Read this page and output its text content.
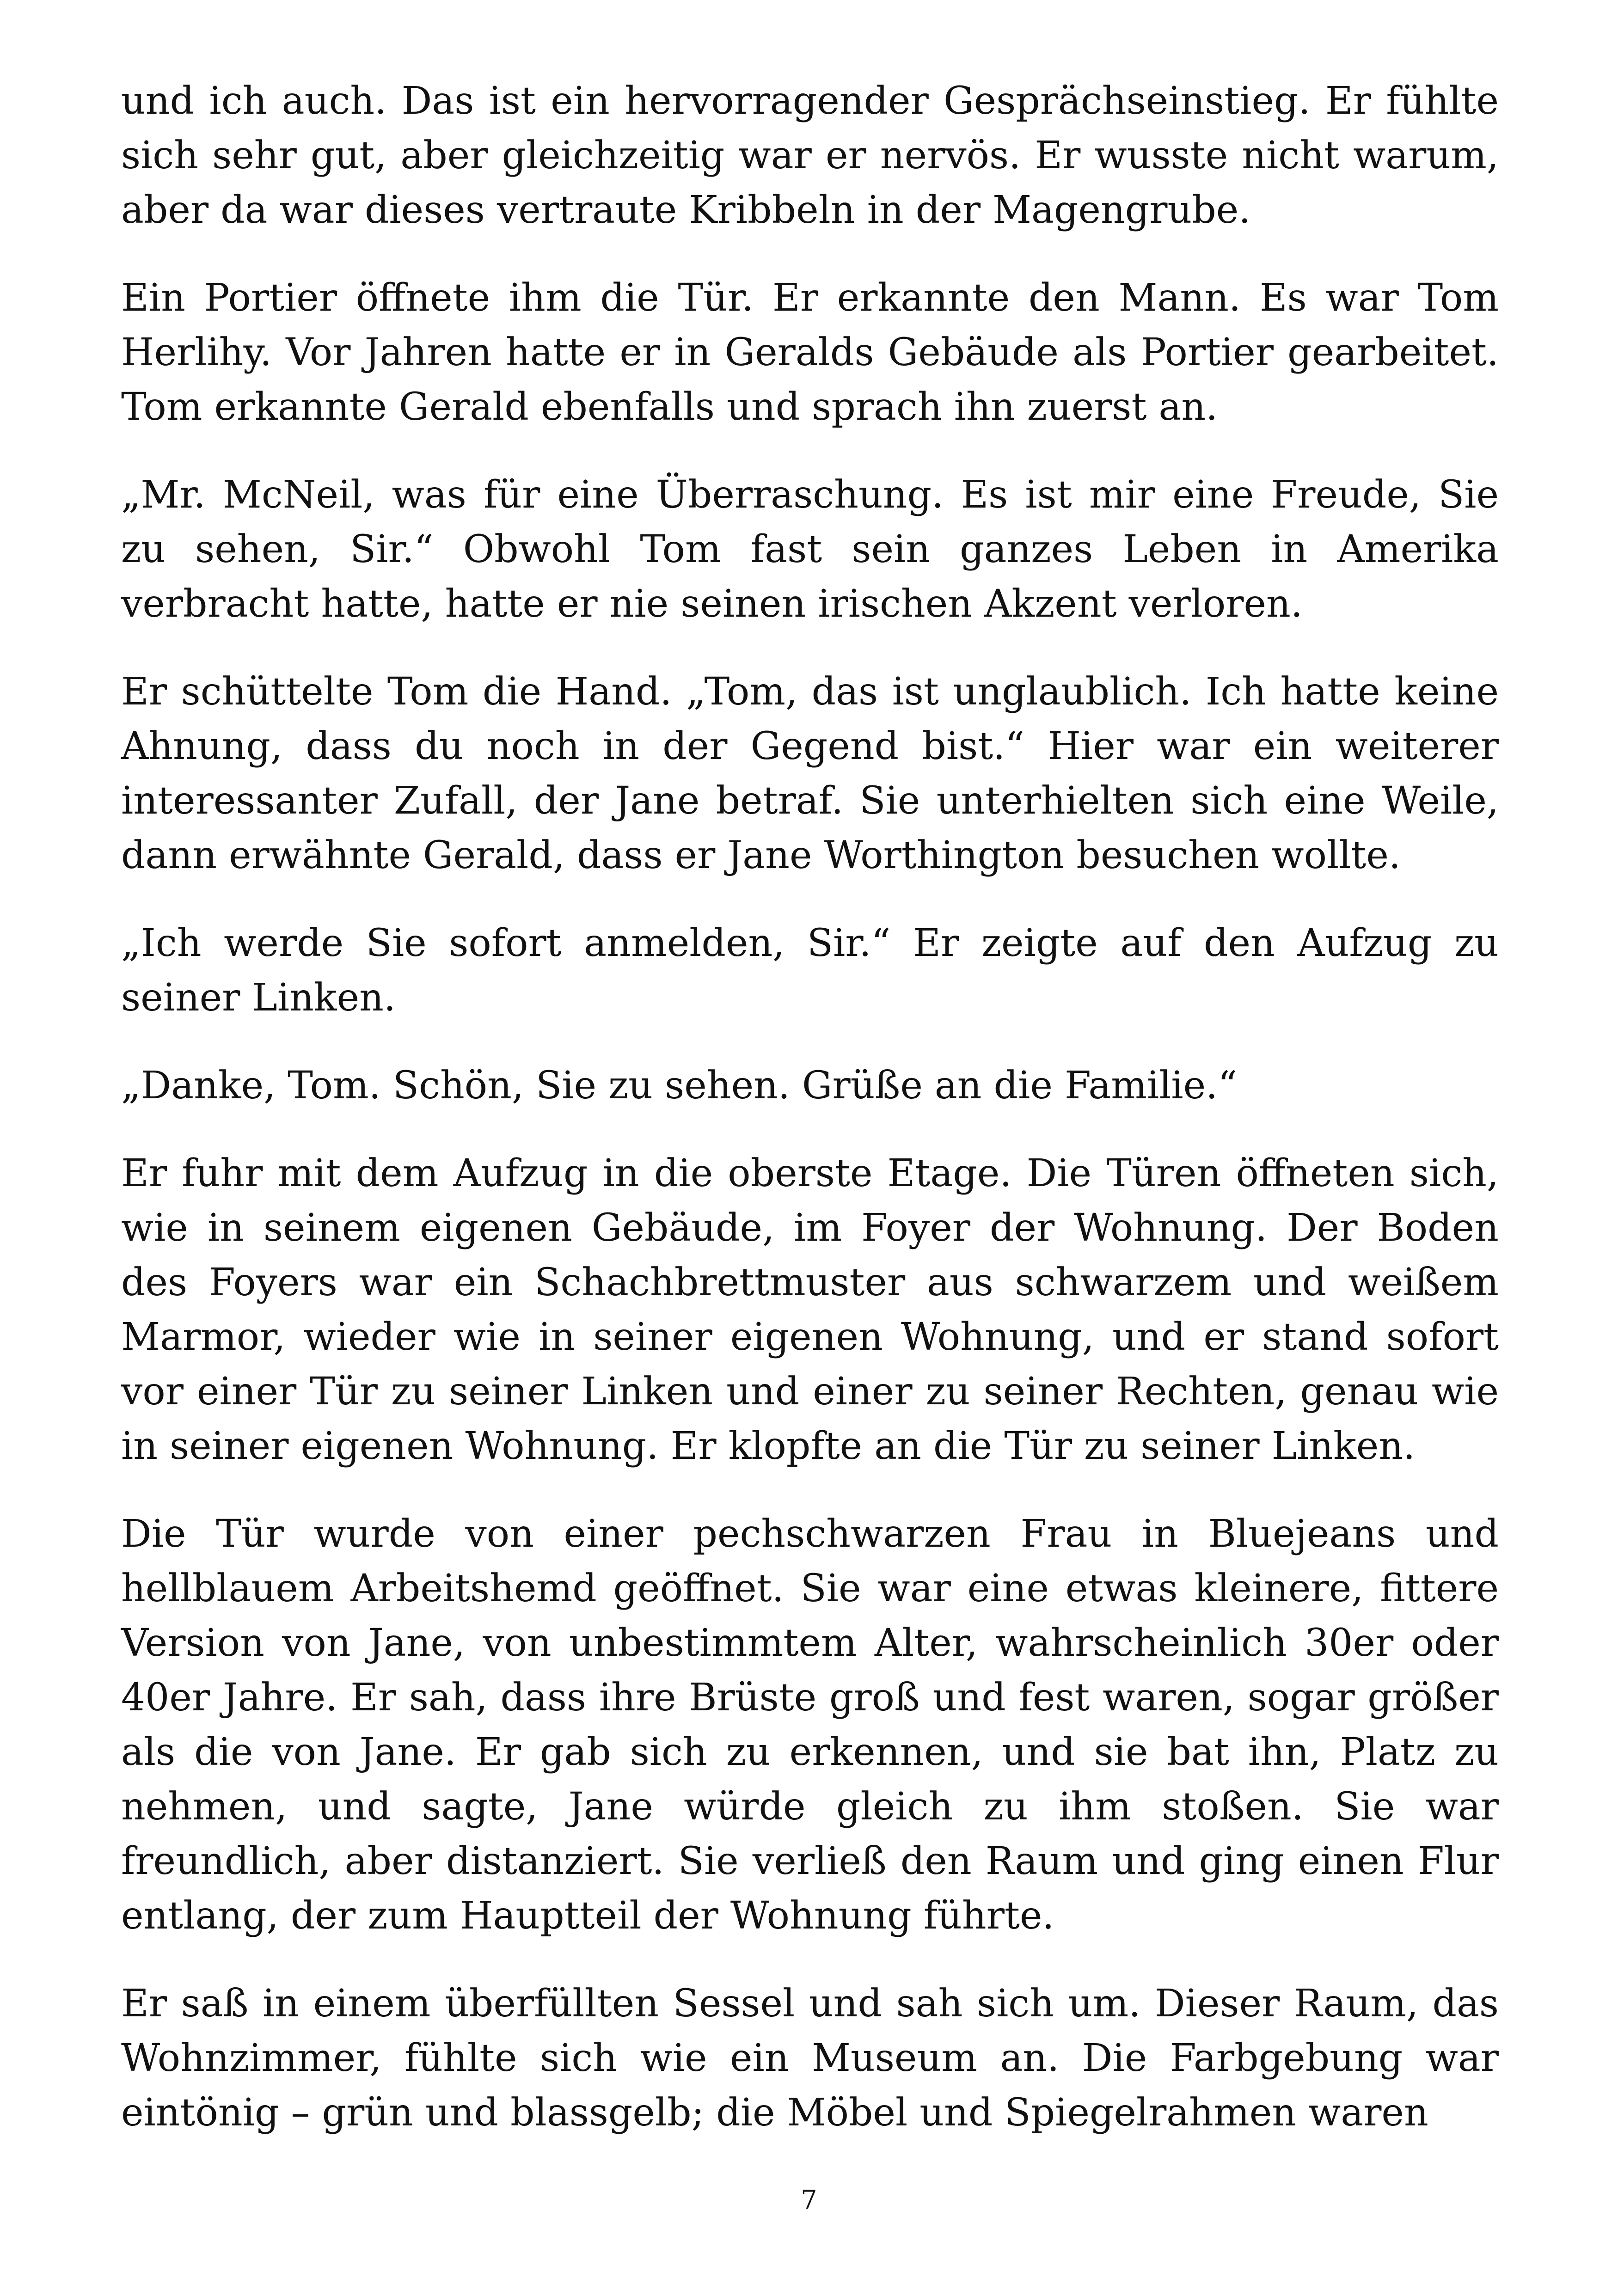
und ich auch. Das ist ein hervorragender Gesprächseinstieg. Er fühlte sich sehr gut, aber gleichzeitig war er nervös. Er wusste nicht warum, aber da war dieses vertraute Kribbeln in der Magengrube.

Ein Portier öffnete ihm die Tür. Er erkannte den Mann. Es war Tom Herlihy. Vor Jahren hatte er in Geralds Gebäude als Portier gearbeitet. Tom erkannte Gerald ebenfalls und sprach ihn zuerst an.

„Mr. McNeil, was für eine Überraschung. Es ist mir eine Freude, Sie zu sehen, Sir.“ Obwohl Tom fast sein ganzes Leben in Amerika verbracht hatte, hatte er nie seinen irischen Akzent verloren.

Er schüttelte Tom die Hand. „Tom, das ist unglaublich. Ich hatte keine Ahnung, dass du noch in der Gegend bist.“ Hier war ein weiterer interessanter Zufall, der Jane betraf. Sie unterhielten sich eine Weile, dann erwähnte Gerald, dass er Jane Worthington besuchen wollte.

„Ich werde Sie sofort anmelden, Sir.“ Er zeigte auf den Aufzug zu seiner Linken.

„Danke, Tom. Schön, Sie zu sehen. Grüße an die Familie.“

Er fuhr mit dem Aufzug in die oberste Etage. Die Türen öffneten sich, wie in seinem eigenen Gebäude, im Foyer der Wohnung. Der Boden des Foyers war ein Schachbrettmuster aus schwarzem und weißem Marmor, wieder wie in seiner eigenen Wohnung, und er stand sofort vor einer Tür zu seiner Linken und einer zu seiner Rechten, genau wie in seiner eigenen Wohnung. Er klopfte an die Tür zu seiner Linken.

Die Tür wurde von einer pechschwarzen Frau in Bluejeans und hellblauem Arbeitshemd geöffnet. Sie war eine etwas kleinere, fittere Version von Jane, von unbestimmtem Alter, wahrscheinlich 30er oder 40er Jahre. Er sah, dass ihre Brüste groß und fest waren, sogar größer als die von Jane. Er gab sich zu erkennen, und sie bat ihn, Platz zu nehmen, und sagte, Jane würde gleich zu ihm stoßen. Sie war freundlich, aber distanziert. Sie verließ den Raum und ging einen Flur entlang, der zum Hauptteil der Wohnung führte.

Er saß in einem überfüllten Sessel und sah sich um. Dieser Raum, das Wohnzimmer, fühlte sich wie ein Museum an. Die Farbgebung war eintönig – grün und blassgelb; die Möbel und Spiegelrahmen waren

7
